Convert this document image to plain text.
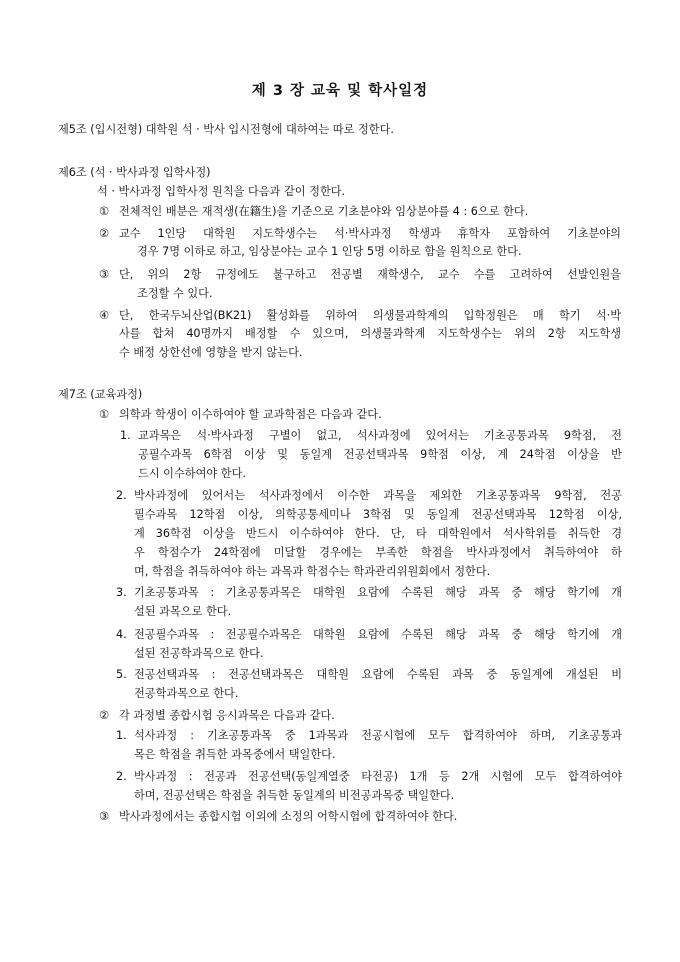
제 3 장 교육 및 학사일정
제5조 (입시전형) 대학원 석 · 박사 입시전형에 대하여는 따로 정한다.
제6조 (석 · 박사과정 입학사정)
석 · 박사과정 입학사정 원칙을 다음과 같이 정한다.
① 전체적인 배분은 재적생(在籍生)을 기준으로 기초분야와 임상분야를 4 : 6으로 한다.
② 교수 1인당 대학원 지도학생수는 석·박사과정 학생과 휴학자 포함하여 기초분야의
경우 7명 이하로 하고, 임상분야는 교수 1 인당 5명 이하로 함을 원칙으로 한다.
③ 단, 위의 2항 규정에도 불구하고 전공별 재학생수, 교수 수를 고려하여 선발인원을
조정할 수 있다.
④ 단, 한국두뇌산업(BK21) 활성화를 위하여 의생물과학계의 입학정원은 매 학기 석·박
사를 합쳐 40명까지 배정할 수 있으며, 의생물과학계 지도학생수는 위의 2항 지도학생
수 배정 상한선에 영향을 받지 않는다.
제7조 (교육과정)
① 의학과 학생이 이수하여야 할 교과학점은 다음과 같다.
1. 교과목은 석·박사과정 구별이 없고, 석사과정에 있어서는 기초공통과목 9학점, 전
공필수과목 6학점 이상 및 동일계 전공선택과목 9학점 이상, 계 24학점 이상을 반
드시 이수하여야 한다.
2. 박사과정에 있어서는 석사과정에서 이수한 과목을 제외한 기초공통과목 9학점, 전공
필수과목 12학점 이상, 의학공통세미나 3학점 및 동일계 전공선택과목 12학점 이상,
계 36학점 이상을 반드시 이수하여야 한다. 단, 타 대학원에서 석사학위를 취득한 경
우 학점수가 24학점에 미달할 경우에는 부족한 학점을 박사과정에서 취득하여야 하
며, 학점을 취득하여야 하는 과목과 학점수는 학과관리위원회에서 정한다.
3. 기초공통과목 : 기초공통과목은 대학원 요람에 수록된 해당 과목 중 해당 학기에 개
설된 과목으로 한다.
4. 전공필수과목 : 전공필수과목은 대학원 요람에 수록된 해당 과목 중 해당 학기에 개
설된 전공학과목으로 한다.
5. 전공선택과목 : 전공선택과목은 대학원 요람에 수록된 과목 중 동일계에 개설된 비
전공학과목으로 한다.
② 각 과정별 종합시험 응시과목은 다음과 같다.
1. 석사과정 : 기초공통과목 중 1과목과 전공시험에 모두 합격하여야 하며, 기초공통과
목은 학점을 취득한 과목중에서 택일한다.
2. 박사과정 : 전공과 전공선택(동일계열중 타전공) 1개 등 2개 시험에 모두 합격하여야
하며, 전공선택은 학점을 취득한 동일계의 비전공과목중 택일한다.
③ 박사과정에서는 종합시험 이외에 소정의 어학시험에 합격하여야 한다.
